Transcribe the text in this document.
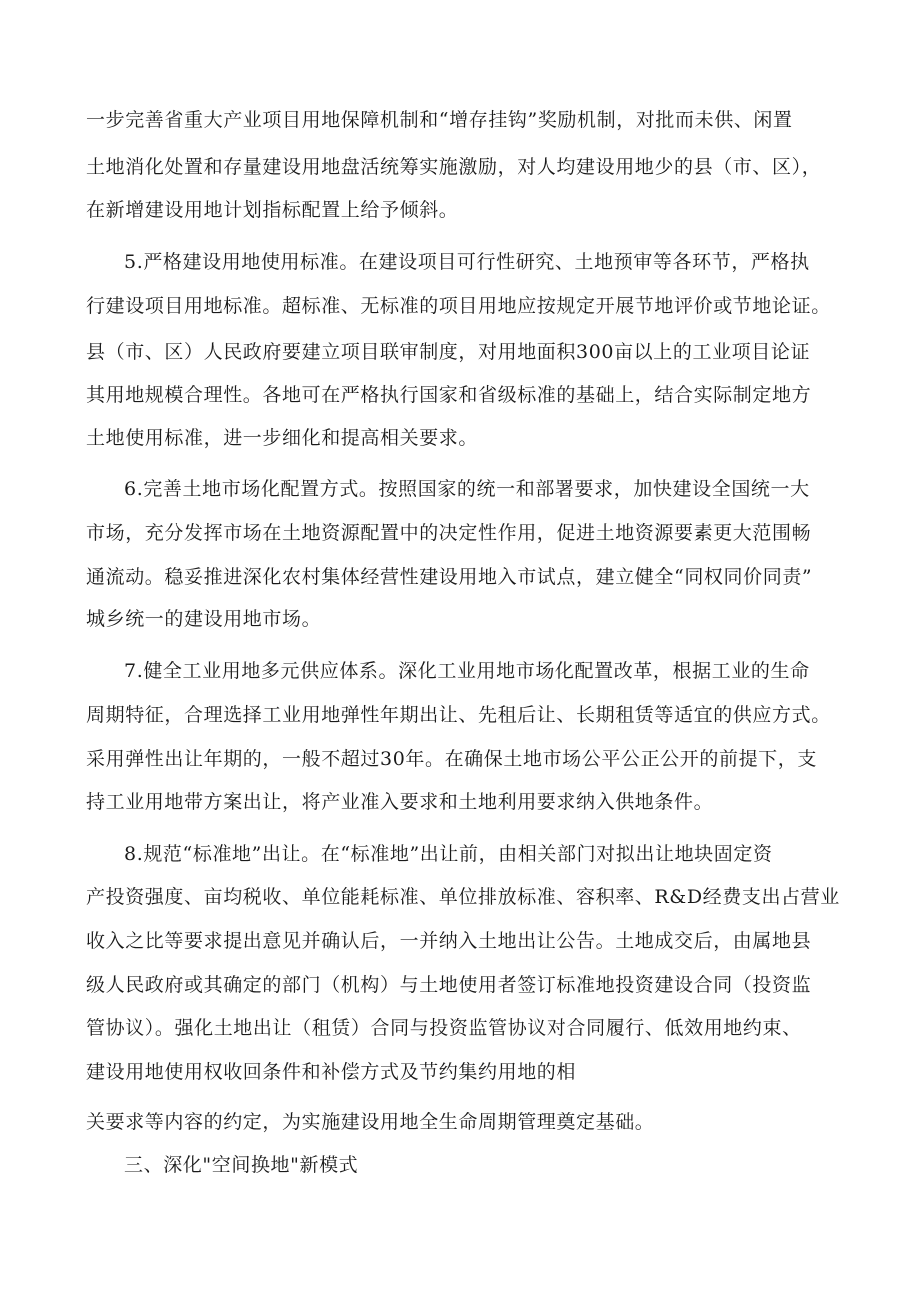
一步完善省重大产业项目用地保障机制和“增存挂钩”奖励机制，对批而未供、闲置
土地消化处置和存量建设用地盘活统筹实施激励，对人均建设用地少的县（市、区），
在新增建设用地计划指标配置上给予倾斜。
5.严格建设用地使用标准。在建设项目可行性研究、土地预审等各环节，严格执
行建设项目用地标准。超标准、无标准的项目用地应按规定开展节地评价或节地论证。
县（市、区）人民政府要建立项目联审制度，对用地面积300亩以上的工业项目论证
其用地规模合理性。各地可在严格执行国家和省级标准的基础上，结合实际制定地方
土地使用标准，进一步细化和提高相关要求。
6.完善土地市场化配置方式。按照国家的统一和部署要求，加快建设全国统一大
市场，充分发挥市场在土地资源配置中的决定性作用，促进土地资源要素更大范围畅
通流动。稳妥推进深化农村集体经营性建设用地入市试点，建立健全“同权同价同责”
城乡统一的建设用地市场。
7.健全工业用地多元供应体系。深化工业用地市场化配置改革，根据工业的生命
周期特征，合理选择工业用地弹性年期出让、先租后让、长期租赁等适宜的供应方式。
采用弹性出让年期的，一般不超过30年。在确保土地市场公平公正公开的前提下，支
持工业用地带方案出让，将产业准入要求和土地利用要求纳入供地条件。
8.规范“标准地”出让。在“标准地”出让前，由相关部门对拟出让地块固定资
产投资强度、亩均税收、单位能耗标准、单位排放标准、容积率、R&D经费支出占营业
收入之比等要求提出意见并确认后，一并纳入土地出让公告。土地成交后，由属地县
级人民政府或其确定的部门（机构）与土地使用者签订标准地投资建设合同（投资监
管协议）。强化土地出让（租赁）合同与投资监管协议对合同履行、低效用地约束、
建设用地使用权收回条件和补偿方式及节约集约用地的相
关要求等内容的约定，为实施建设用地全生命周期管理奠定基础。
三、深化"空间换地"新模式
